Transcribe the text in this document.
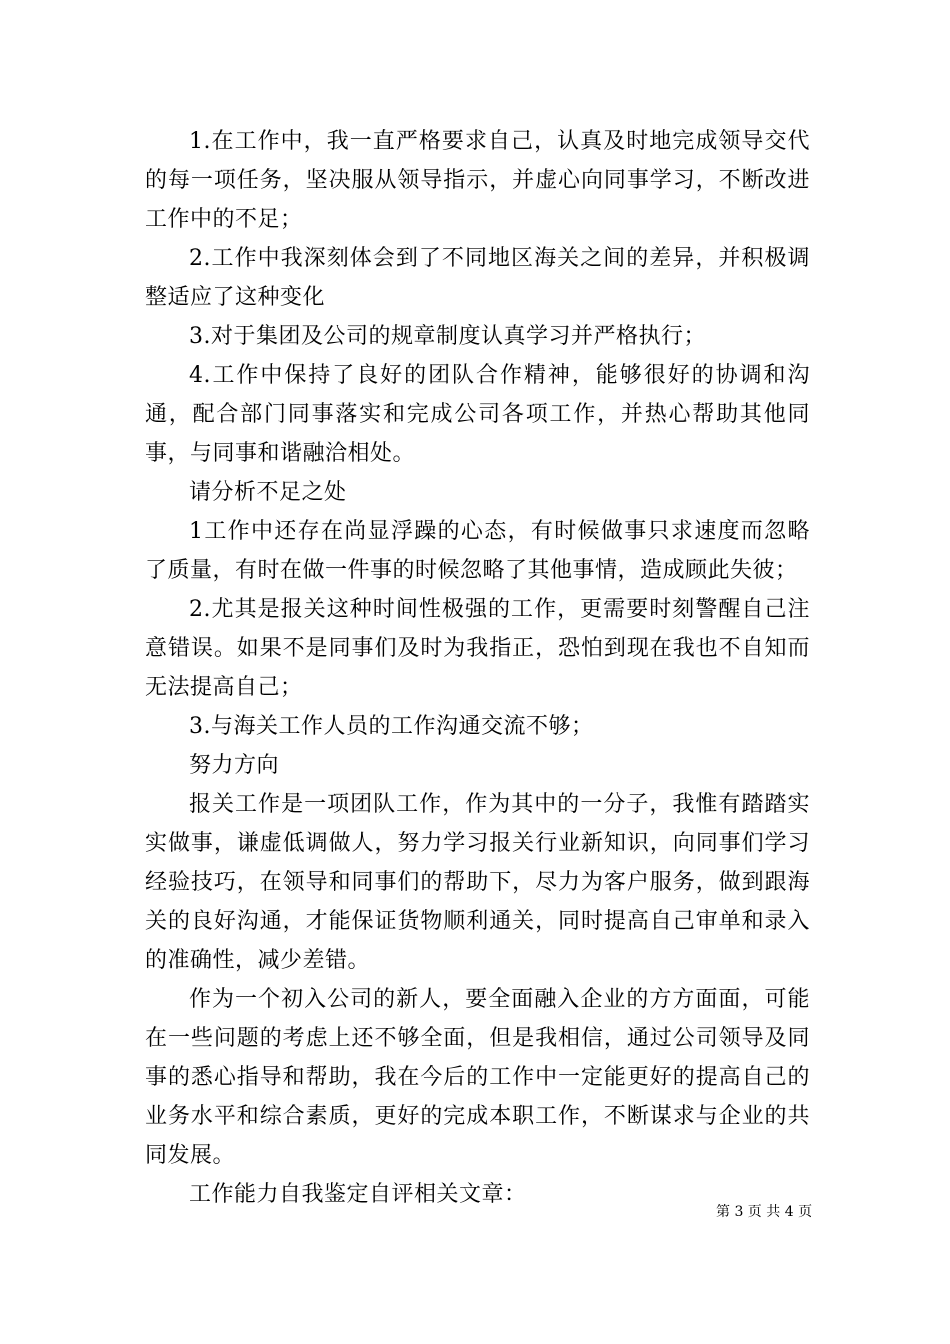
1.在工作中，我一直严格要求自己，认真及时地完成领导交代的每一项任务，坚决服从领导指示，并虚心向同事学习，不断改进工作中的不足；

2.工作中我深刻体会到了不同地区海关之间的差异，并积极调整适应了这种变化

3.对于集团及公司的规章制度认真学习并严格执行；

4.工作中保持了良好的团队合作精神，能够很好的协调和沟通，配合部门同事落实和完成公司各项工作，并热心帮助其他同事，与同事和谐融洽相处。

请分析不足之处

1工作中还存在尚显浮躁的心态，有时候做事只求速度而忽略了质量，有时在做一件事的时候忽略了其他事情，造成顾此失彼；

2.尤其是报关这种时间性极强的工作，更需要时刻警醒自己注意错误。如果不是同事们及时为我指正，恐怕到现在我也不自知而无法提高自己；

3.与海关工作人员的工作沟通交流不够；

努力方向

报关工作是一项团队工作，作为其中的一分子，我惟有踏踏实实做事，谦虚低调做人，努力学习报关行业新知识，向同事们学习经验技巧，在领导和同事们的帮助下，尽力为客户服务，做到跟海关的良好沟通，才能保证货物顺利通关，同时提高自己审单和录入的准确性，减少差错。

作为一个初入公司的新人，要全面融入企业的方方面面，可能在一些问题的考虑上还不够全面，但是我相信，通过公司领导及同事的悉心指导和帮助，我在今后的工作中一定能更好的提高自己的业务水平和综合素质，更好的完成本职工作，不断谋求与企业的共同发展。

工作能力自我鉴定自评相关文章：

第 3 页 共 4 页
